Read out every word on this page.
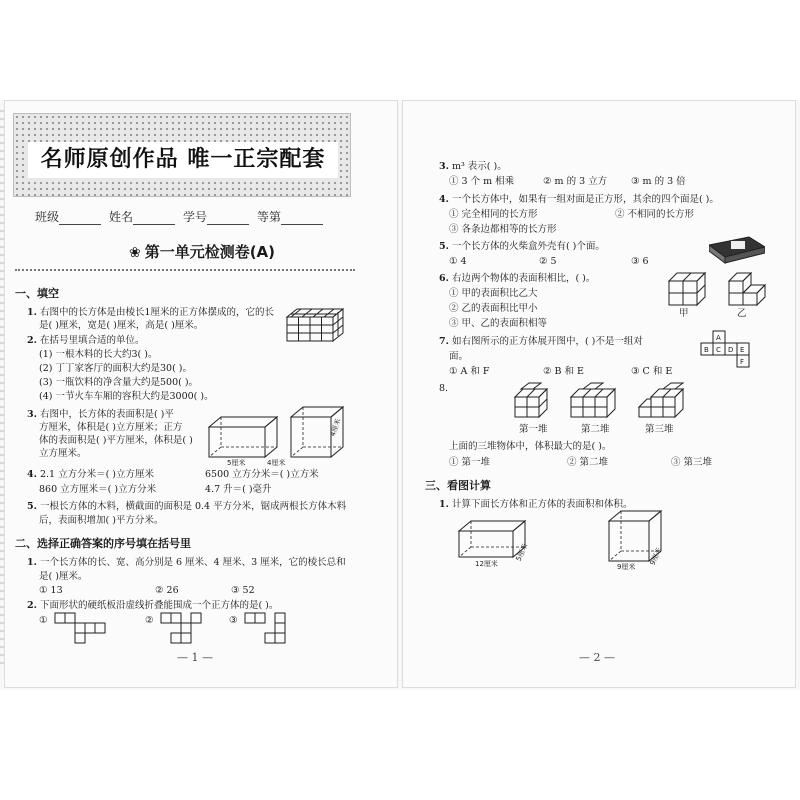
名师原创作品 唯一正宗配套
班级	姓名	学号	等第
❀ 第一单元检测卷(A)
一、填空
1. 右图中的长方体是由棱长1厘米的正方体摆成的，它的长
是( )厘米，宽是( )厘米，高是( )厘米。
2. 在括号里填合适的单位。
(1) 一根木料的长大约3( )。
(2) 丁丁家客厅的面积大约是30( )。
(3) 一瓶饮料的净含量大约是500( )。
(4) 一节火车车厢的容积大约是3000( )。
3. 右图中，长方体的表面积是( )平
方厘米，体积是( )立方厘米；正方
体的表面积是( )平方厘米，体积是( )
立方厘米。
5厘米	4厘米
4厘米
4. 2.1 立方分米＝( )立方厘米	6500 立方分米＝( )立方米
860 立方厘米＝( )立方分米	4.7 升＝( )毫升
5. 一根长方体的木料，横截面的面积是 0.4 平方分米，锯成两根长方体木料
后，表面积增加( )平方分米。
二、选择正确答案的序号填在括号里
1. 一个长方体的长、宽、高分别是 6 厘米、4 厘米、3 厘米，它的棱长总和
是( )厘米。
① 13	② 26	③ 52
2. 下面形状的硬纸板沿虚线折叠能围成一个正方体的是( )。
①	②	③
— 1 —
3. m³ 表示( )。
① 3 个 m 相乘	② m 的 3 立方	③ m 的 3 倍
4. 一个长方体中，如果有一组对面是正方形，其余的四个面是( )。
① 完全相同的长方形	② 不相同的长方形
③ 各条边都相等的长方形
5. 一个长方体的火柴盒外壳有( )个面。
① 4	② 5	③ 6
6. 右边两个物体的表面积相比，( )。
① 甲的表面积比乙大
② 乙的表面积比甲小
③ 甲、乙的表面积相等
甲	乙
7. 如右图所示的正方体展开图中，( )不是一组对
面。
① A 和 F	② B 和 E	③ C 和 E
A
B C D E
F
8.
第一堆	第二堆	第三堆
上面的三堆物体中，体积最大的是( )。
① 第一堆	② 第二堆	③ 第三堆
三、看图计算
1. 计算下面长方体和正方体的表面积和体积。
12厘米
5厘米
9厘米
9厘米
— 2 —
